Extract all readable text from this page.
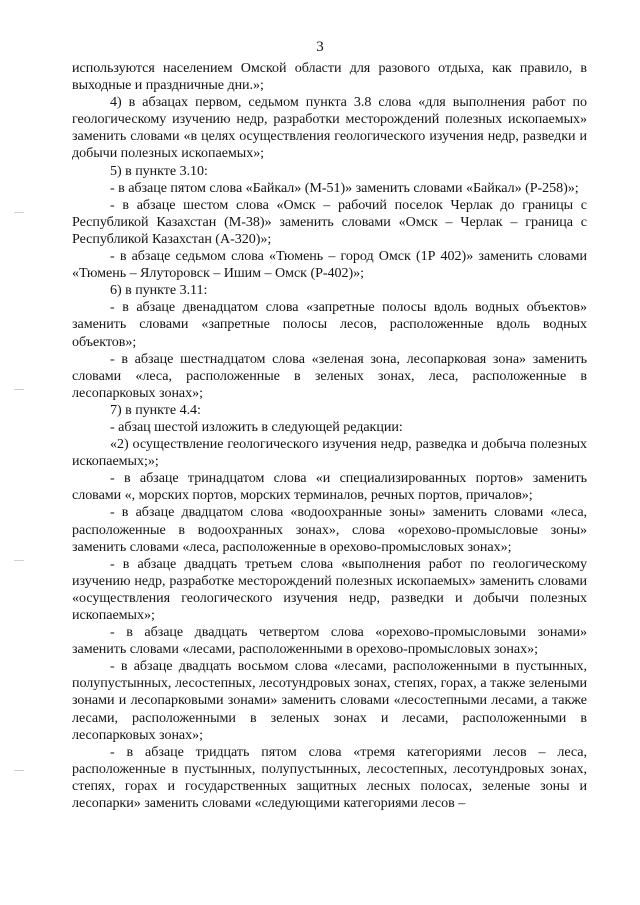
3

используются населением Омской области для разового отдыха, как правило, в выходные и праздничные дни.»;

4) в абзацах первом, седьмом пункта 3.8 слова «для выполнения работ по геологическому изучению недр, разработки месторождений полезных ископаемых» заменить словами «в целях осуществления геологического изучения недр, разведки и добычи полезных ископаемых»;

5) в пункте 3.10:

- в абзаце пятом слова «Байкал» (М-51)» заменить словами «Байкал» (Р-258)»;

- в абзаце шестом слова «Омск – рабочий поселок Черлак до границы с Республикой Казахстан (М-38)» заменить словами «Омск – Черлак – граница с Республикой Казахстан (А-320)»;

- в абзаце седьмом слова «Тюмень – город Омск (1Р 402)» заменить словами «Тюмень – Ялуторовск – Ишим – Омск (Р-402)»;

6) в пункте 3.11:

- в абзаце двенадцатом слова «запретные полосы вдоль водных объектов» заменить словами «запретные полосы лесов, расположенные вдоль водных объектов»;

- в абзаце шестнадцатом слова «зеленая зона, лесопарковая зона» заменить словами «леса, расположенные в зеленых зонах, леса, расположенные в лесопарковых зонах»;

7) в пункте 4.4:

- абзац шестой изложить в следующей редакции:

«2) осуществление геологического изучения недр, разведка и добыча полезных ископаемых;»;

- в абзаце тринадцатом слова «и специализированных портов» заменить словами «, морских портов, морских терминалов, речных портов, причалов»;

- в абзаце двадцатом слова «водоохранные зоны» заменить словами «леса, расположенные в водоохранных зонах», слова «орехово-промысловые зоны» заменить словами «леса, расположенные в орехово-промысловых зонах»;

- в абзаце двадцать третьем слова «выполнения работ по геологическому изучению недр, разработке месторождений полезных ископаемых» заменить словами «осуществления геологического изучения недр, разведки и добычи полезных ископаемых»;

- в абзаце двадцать четвертом слова «орехово-промысловыми зонами» заменить словами «лесами, расположенными в орехово-промысловых зонах»;

- в абзаце двадцать восьмом слова «лесами, расположенными в пустынных, полупустынных, лесостепных, лесотундровых зонах, степях, горах, а также зелеными зонами и лесопарковыми зонами» заменить словами «лесостепными лесами, а также лесами, расположенными в зеленых зонах и лесами, расположенными в лесопарковых зонах»;

- в абзаце тридцать пятом слова «тремя категориями лесов – леса, расположенные в пустынных, полупустынных, лесостепных, лесотундровых зонах, степях, горах и государственных защитных лесных полосах, зеленые зоны и лесопарки» заменить словами «следующими категориями лесов –
